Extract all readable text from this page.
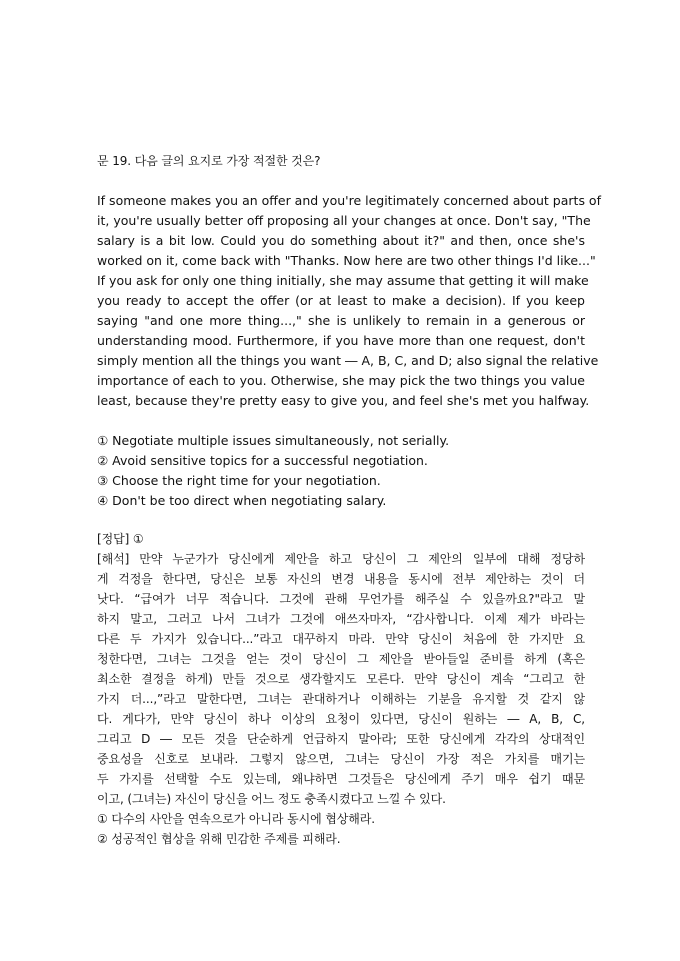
문 19. 다음 글의 요지로 가장 적절한 것은?
If someone makes you an offer and you're legitimately concerned about parts of
it, you're usually better off proposing all your changes at once. Don't say, "The
salary is a bit low. Could you do something about it?" and then, once she's
worked on it, come back with "Thanks. Now here are two other things I'd like..."
If you ask for only one thing initially, she may assume that getting it will make
you ready to accept the offer (or at least to make a decision). If you keep
saying "and one more thing...," she is unlikely to remain in a generous or
understanding mood. Furthermore, if you have more than one request, don't
simply mention all the things you want ― A, B, C, and D; also signal the relative
importance of each to you. Otherwise, she may pick the two things you value
least, because they're pretty easy to give you, and feel she's met you halfway.
① Negotiate multiple issues simultaneously, not serially.
② Avoid sensitive topics for a successful negotiation.
③ Choose the right time for your negotiation.
④ Don't be too direct when negotiating salary.
[정답] ①
[해석] 만약 누군가가 당신에게 제안을 하고 당신이 그 제안의 일부에 대해 정당하
게 걱정을 한다면, 당신은 보통 자신의 변경 내용을 동시에 전부 제안하는 것이 더
낫다. “급여가 너무 적습니다. 그것에 관해 무언가를 해주실 수 있을까요?"라고 말
하지 말고, 그러고 나서 그녀가 그것에 애쓰자마자, “감사합니다. 이제 제가 바라는
다른 두 가지가 있습니다...”라고 대꾸하지 마라. 만약 당신이 처음에 한 가지만 요
청한다면, 그녀는 그것을 얻는 것이 당신이 그 제안을 받아들일 준비를 하게 (혹은
최소한 결정을 하게) 만들 것으로 생각할지도 모른다. 만약 당신이 계속 “그리고 한
가지 더...,”라고 말한다면, 그녀는 관대하거나 이해하는 기분을 유지할 것 같지 않
다. 게다가, 만약 당신이 하나 이상의 요청이 있다면, 당신이 원하는 ― A, B, C,
그리고 D ― 모든 것을 단순하게 언급하지 말아라; 또한 당신에게 각각의 상대적인
중요성을 신호로 보내라. 그렇지 않으면, 그녀는 당신이 가장 적은 가치를 매기는
두 가지를 선택할 수도 있는데, 왜냐하면 그것들은 당신에게 주기 매우 쉽기 때문
이고, (그녀는) 자신이 당신을 어느 정도 충족시켰다고 느낄 수 있다.
① 다수의 사안을 연속으로가 아니라 동시에 협상해라.
② 성공적인 협상을 위해 민감한 주제를 피해라.
